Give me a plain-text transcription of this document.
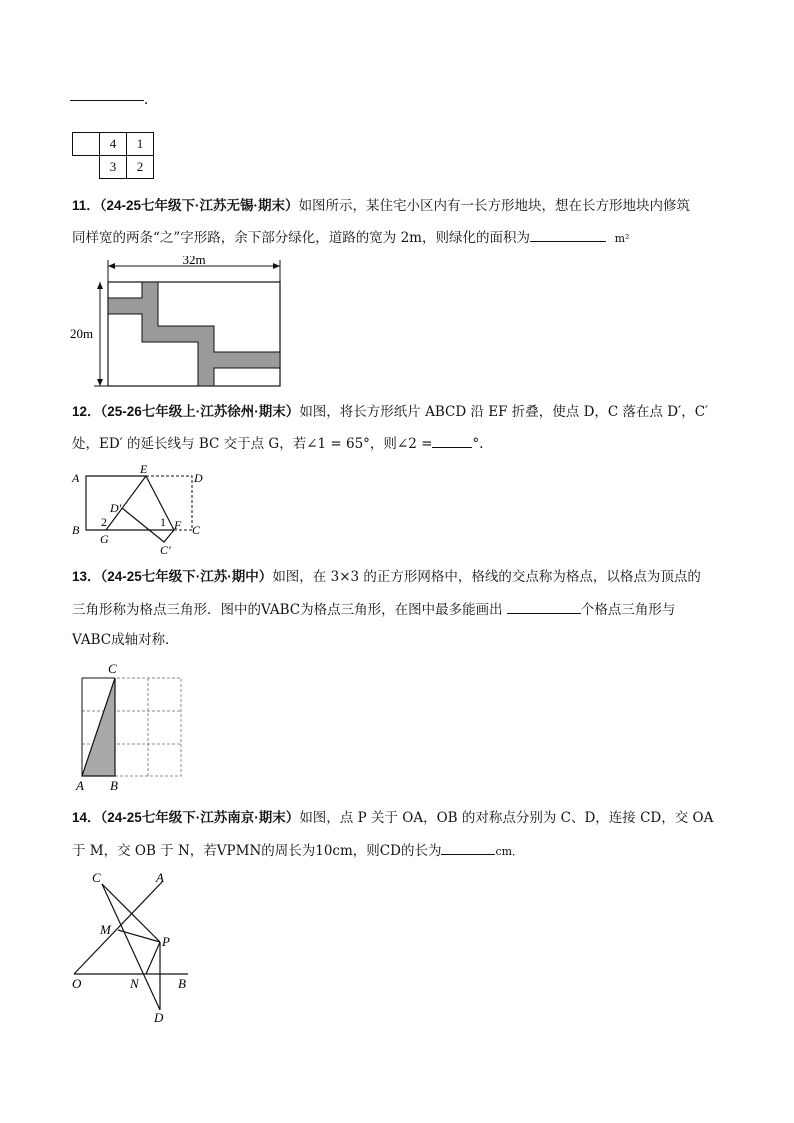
.
	4	1
	3	2
11．（24-25七年级下·江苏无锡·期末）如图所示，某住宅小区内有一长方形地块，想在长方形地块内修筑
同样宽的两条“之”字形路，余下部分绿化，道路的宽为 2m，则绿化的面积为	m²
32m
20m
12．（25-26七年级上·江苏徐州·期末）如图，将长方形纸片 ABCD 沿 EF 折叠，使点 D，C 落在点 D′，C′
处，ED′ 的延长线与 BC 交于点 G，若∠1 = 65°，则∠2 =	°.
A
E
D
D′
B
G
2	1 F C
C′
13．（24-25七年级下·江苏·期中）如图，在 3×3 的正方形网格中，格线的交点称为格点，以格点为顶点的
三角形称为格点三角形．图中的VABC为格点三角形，在图中最多能画出	个格点三角形与
VABC成轴对称．
C
A B
14．（24-25七年级下·江苏南京·期末）如图，点 P 关于 OA，OB 的对称点分别为 C、D，连接 CD，交 OA
于 M，交 OB 于 N，若VPMN的周长为10cm，则CD的长为	cm．
C	A
M
P
O	N	B
D
